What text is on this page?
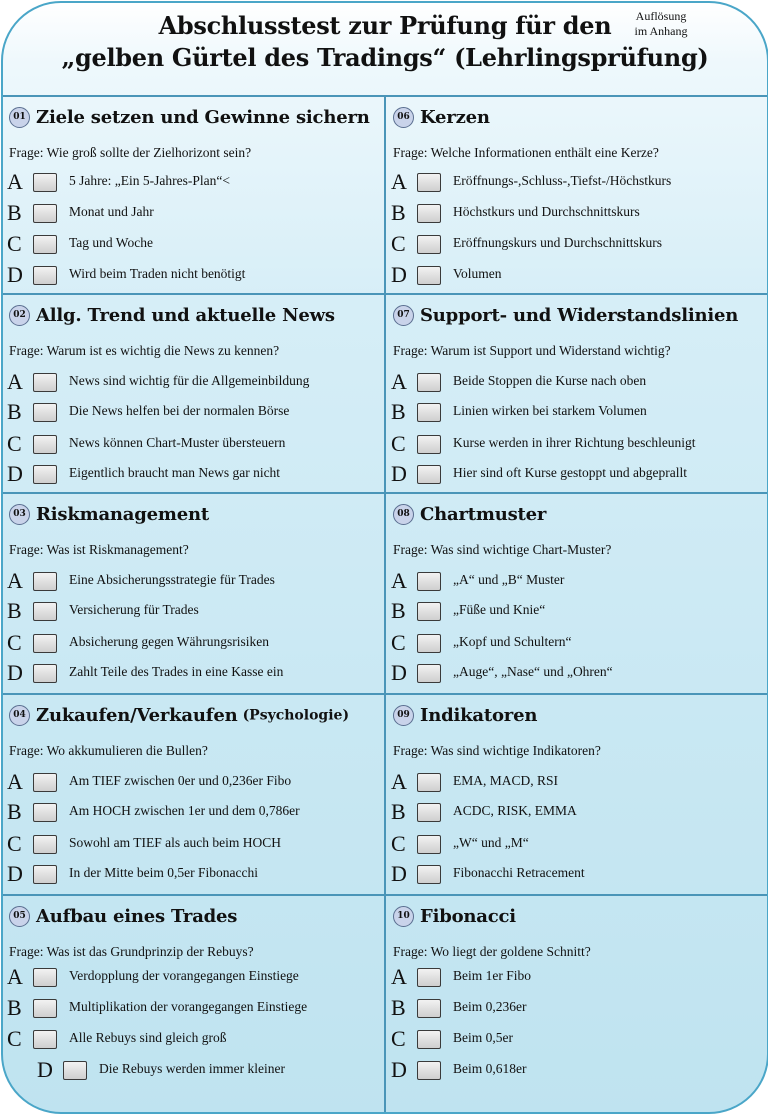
Abschlusstest zur Prüfung für den
„gelben Gürtel des Tradings“ (Lehrlingsprüfung)
Auflösung
im Anhang
01 Ziele setzen und Gewinne sichern
Frage: Wie groß sollte der Zielhorizont sein?
A	5 Jahre: „Ein 5-Jahres-Plan“<
B	Monat und Jahr
C	Tag und Woche
D	Wird beim Traden nicht benötigt
06 Kerzen
Frage: Welche Informationen enthält eine Kerze?
A	Eröffnungs-,Schluss-,Tiefst-/Höchstkurs
B	Höchstkurs und Durchschnittskurs
C	Eröffnungskurs und Durchschnittskurs
D	Volumen
02 Allg. Trend und aktuelle News
Frage: Warum ist es wichtig die News zu kennen?
A	News sind wichtig für die Allgemeinbildung
B	Die News helfen bei der normalen Börse
C	News können Chart-Muster übersteuern
D	Eigentlich braucht man News gar nicht
07 Support- und Widerstandslinien
Frage: Warum ist Support und Widerstand wichtig?
A	Beide Stoppen die Kurse nach oben
B	Linien wirken bei starkem Volumen
C	Kurse werden in ihrer Richtung beschleunigt
D	Hier sind oft Kurse gestoppt und abgeprallt
03 Riskmanagement
Frage: Was ist Riskmanagement?
A	Eine Absicherungsstrategie für Trades
B	Versicherung für Trades
C	Absicherung gegen Währungsrisiken
D	Zahlt Teile des Trades in eine Kasse ein
08 Chartmuster
Frage: Was sind wichtige Chart-Muster?
A	„A“ und „B“ Muster
B	„Füße und Knie“
C	„Kopf und Schultern“
D	„Auge“, „Nase“ und „Ohren“
04 Zukaufen/Verkaufen (Psychologie)
Frage: Wo akkumulieren die Bullen?
A	Am TIEF zwischen 0er und 0,236er Fibo
B	Am HOCH zwischen 1er und dem 0,786er
C	Sowohl am TIEF als auch beim HOCH
D	In der Mitte beim 0,5er Fibonacchi
09 Indikatoren
Frage: Was sind wichtige Indikatoren?
A	EMA, MACD, RSI
B	ACDC, RISK, EMMA
C	„W“ und „M“
D	Fibonacchi Retracement
05 Aufbau eines Trades
Frage: Was ist das Grundprinzip der Rebuys?
A	Verdopplung der vorangegangen Einstiege
B	Multiplikation der vorangegangen Einstiege
C	Alle Rebuys sind gleich groß
D	Die Rebuys werden immer kleiner
10 Fibonacci
Frage: Wo liegt der goldene Schnitt?
A	Beim 1er Fibo
B	Beim 0,236er
C	Beim 0,5er
D	Beim 0,618er
